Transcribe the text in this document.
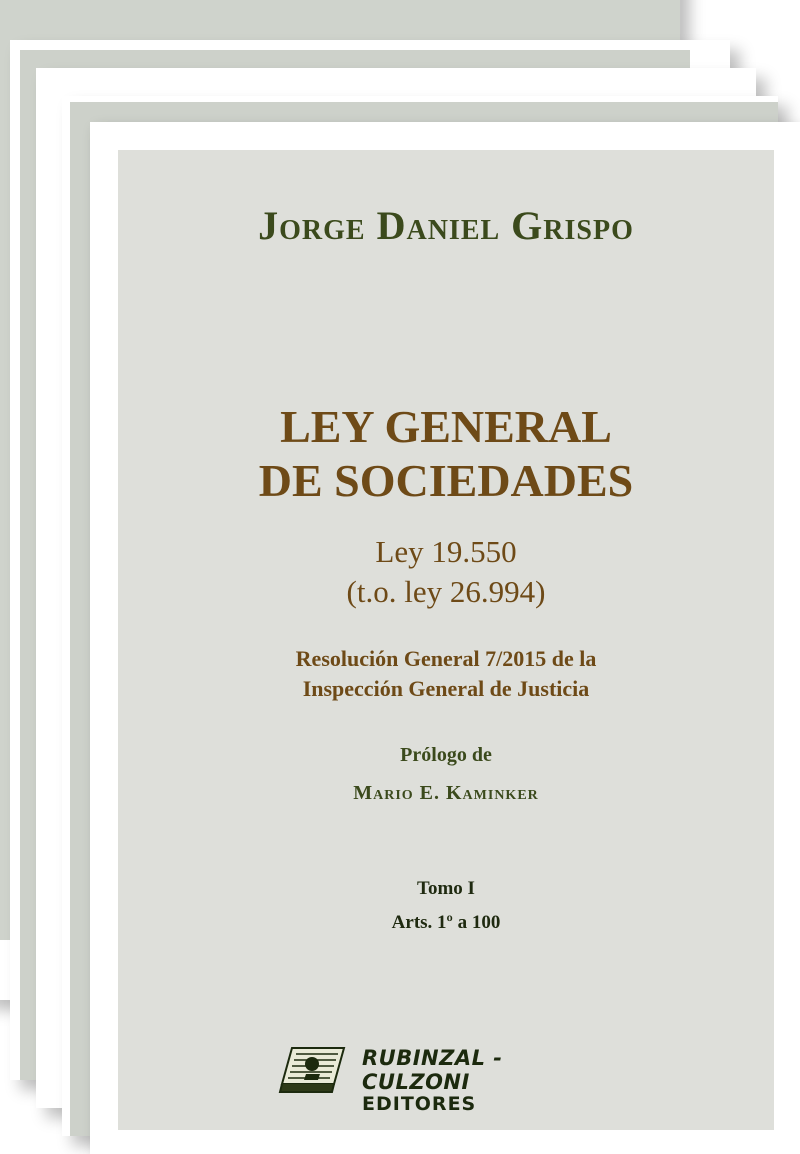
Jorge Daniel Grispo
LEY GENERAL
DE SOCIEDADES
Ley 19.550
(t.o. ley 26.994)
Resolución General 7/2015 de la
Inspección General de Justicia
Prólogo de
Mario E. Kaminker
Tomo I
Arts. 1º a 100
RUBINZAL - CULZONI
EDITORES
